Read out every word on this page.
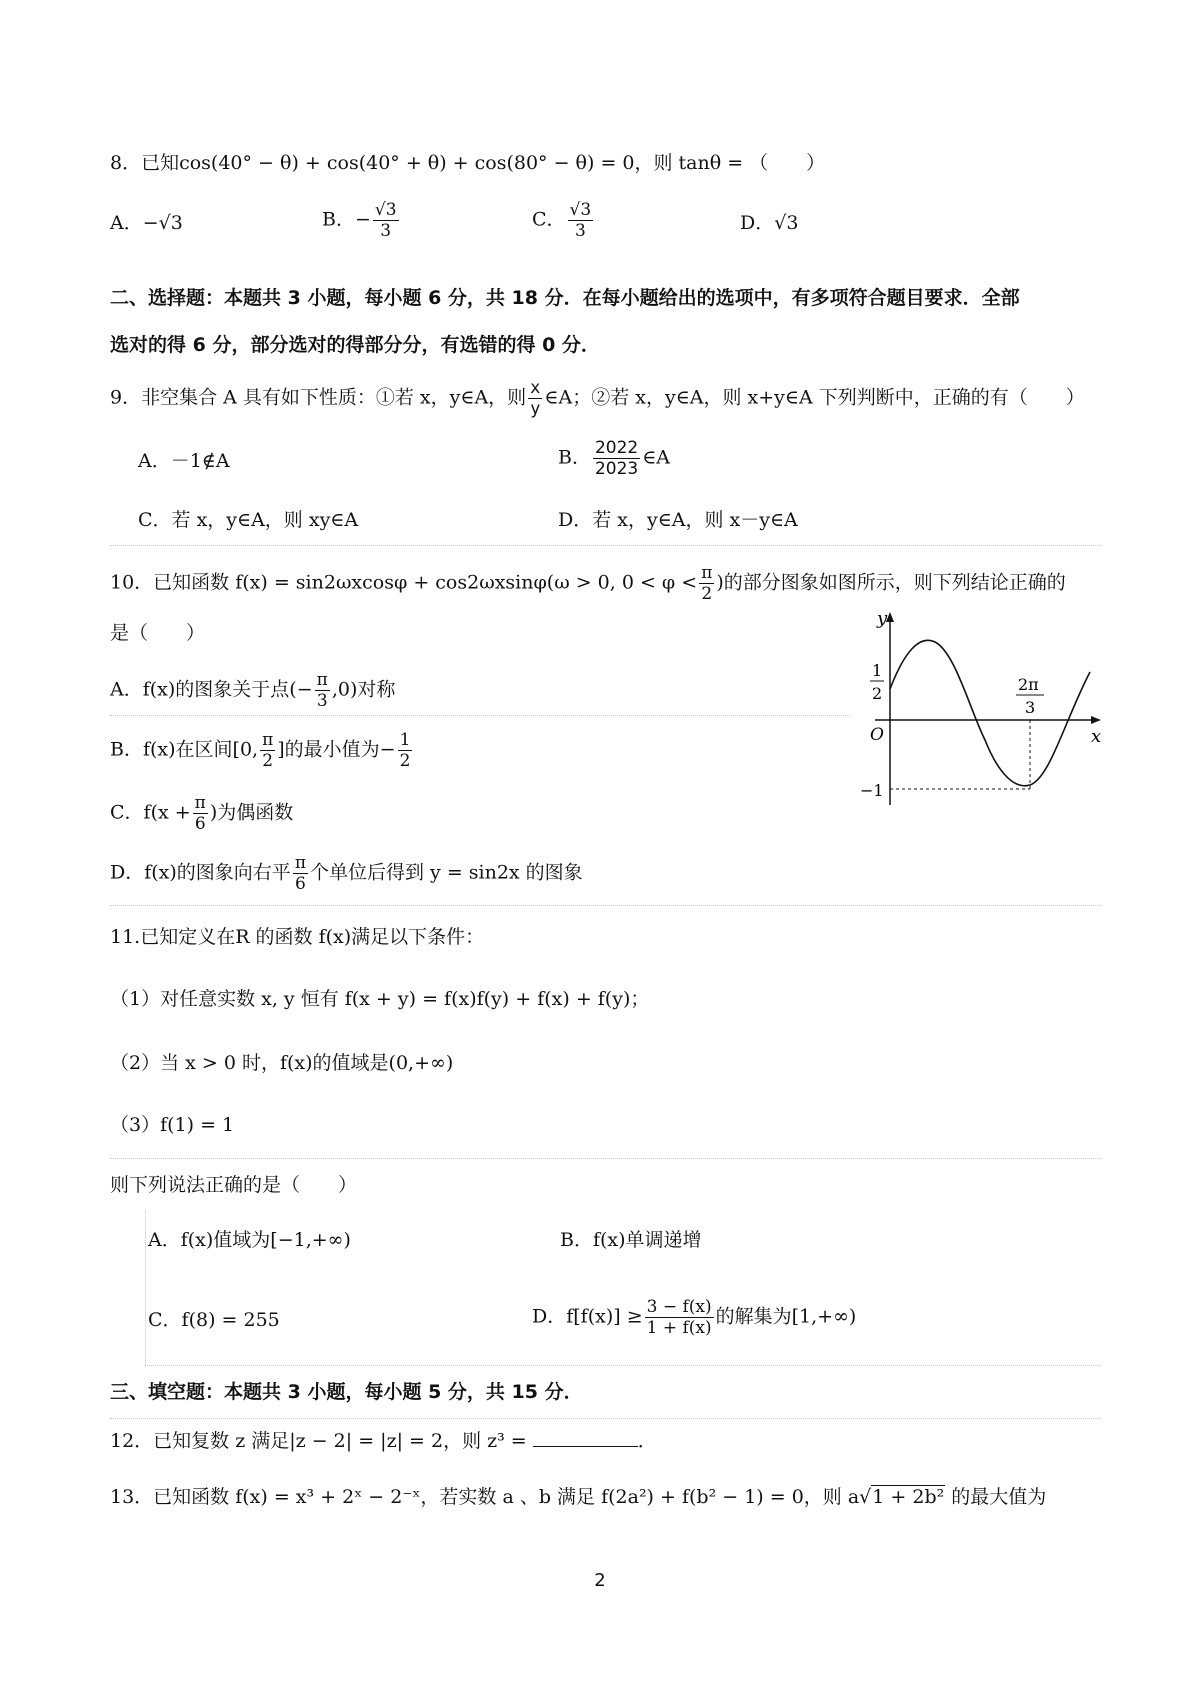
8．已知cos(40° − θ) + cos(40° + θ) + cos(80° − θ) = 0，则 tanθ = （　　）
A．−√3	B．− $\frac{√3}{3}$	C． $\frac{√3}{3}$	D．√3
二、选择题：本题共 3 小题，每小题 6 分，共 18 分．在每小题给出的选项中，有多项符合题目要求．全部
选对的得 6 分，部分选对的得部分分，有选错的得 0 分．
9．非空集合 A 具有如下性质：①若 x，y∈A，则 $\frac{x}{y}$ ∈A；②若 x，y∈A，则 x+y∈A 下列判断中，正确的有（　　）
A．－1∉A	B． $\frac{2022}{2023}$ ∈A
C．若 x，y∈A，则 xy∈A	D．若 x，y∈A，则 x－y∈A
10．已知函数 f(x) = sin2ωxcosφ + cos2ωxsinφ(ω > 0, $0 < \varphi < \frac{\pi}{2}$ )的部分图象如图所示，则下列结论正确的
是（　　）
A．f(x)的图象关于点(− $\frac{\pi}{3} ,0$)对称
B．f(x)在区间[0, $\frac{\pi}{2}$ ]的最小值为− $\frac{1}{2}$
C．$f(x + \frac{\pi}{6}$ )为偶函数
D．f(x)的图象向右平 $\frac{\pi}{6}$ 个单位后得到 y = sin2x 的图象
y
x
O
1
2
−1
2π
3
11.已知定义在R 的函数 f(x)满足以下条件：
（1）对任意实数 x, y 恒有 f(x + y) = f(x)f(y) + f(x) + f(y)；
（2）当 x > 0 时，f(x)的值域是(0,+∞)
（3）f(1) = 1
则下列说法正确的是（　　）
A．f(x)值域为[−1,+∞)	B．f(x)单调递增
C．f(8) = 255	D．$f[f(x)] \ge \frac{3 - f(x)}{1 + f(x)}$ 的解集为[1,+∞)
三、填空题：本题共 3 小题，每小题 5 分，共 15 分．
12．已知复数 z 满足|z − 2| = |z| = 2，则 z³ =	．
13．已知函数 f(x) = x³ + 2ˣ − 2⁻ˣ，若实数 a 、b 满足 f(2a²) + f(b² − 1) = 0，则 a√1 + 2b² 的最大值为
2
